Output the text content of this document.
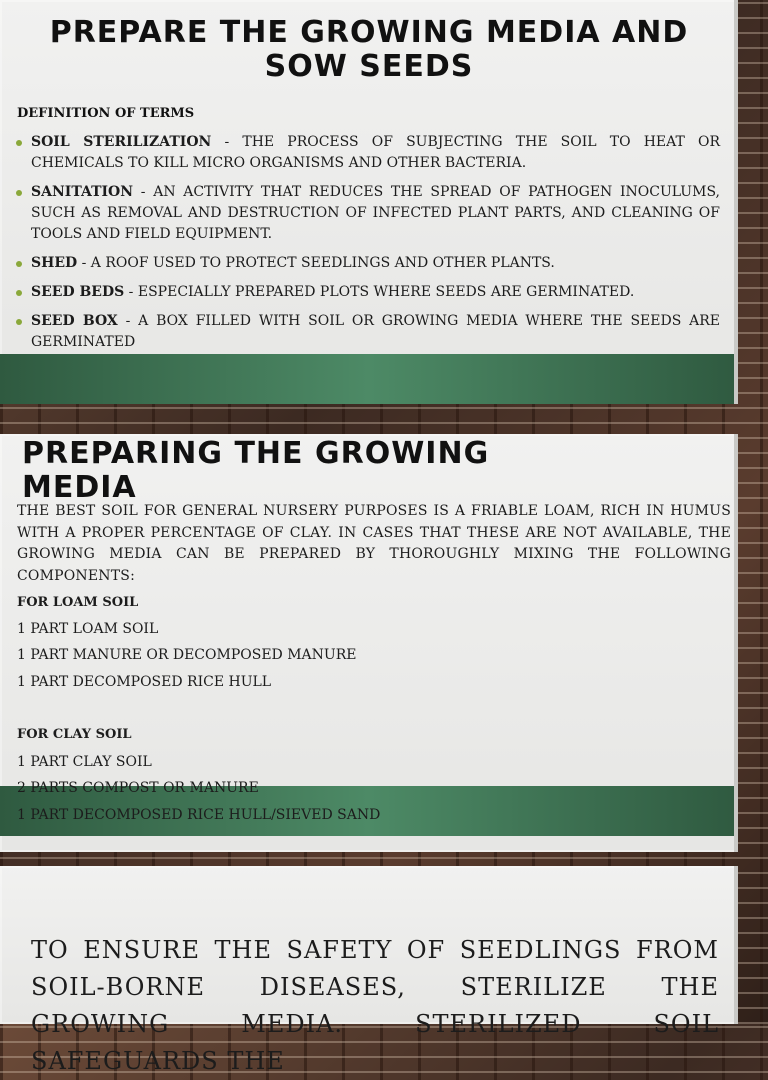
PREPARE THE GROWING MEDIA AND
SOW SEEDS

DEFINITION OF TERMS

SOIL STERILIZATION - THE PROCESS OF SUBJECTING THE SOIL TO HEAT OR CHEMICALS TO KILL MICRO ORGANISMS AND OTHER BACTERIA.
SANITATION - AN ACTIVITY THAT REDUCES THE SPREAD OF PATHOGEN INOCULUMS, SUCH AS REMOVAL AND DESTRUCTION OF INFECTED PLANT PARTS, AND CLEANING OF TOOLS AND FIELD EQUIPMENT.
SHED - A ROOF USED TO PROTECT SEEDLINGS AND OTHER PLANTS.
SEED BEDS - ESPECIALLY PREPARED PLOTS WHERE SEEDS ARE GERMINATED.
SEED BOX - A BOX FILLED WITH SOIL OR GROWING MEDIA WHERE THE SEEDS ARE GERMINATED
PREPARING THE GROWING
MEDIA

THE BEST SOIL FOR GENERAL NURSERY PURPOSES IS A FRIABLE LOAM, RICH IN HUMUS WITH A PROPER PERCENTAGE OF CLAY. IN CASES THAT THESE ARE NOT AVAILABLE, THE GROWING MEDIA CAN BE PREPARED BY THOROUGHLY MIXING THE FOLLOWING COMPONENTS:

FOR LOAM SOIL

1 PART LOAM SOIL

1 PART MANURE OR DECOMPOSED MANURE

1 PART DECOMPOSED RICE HULL

FOR CLAY SOIL

1 PART CLAY SOIL

2 PARTS COMPOST OR MANURE

1 PART DECOMPOSED RICE HULL/SIEVED SAND

TO ENSURE THE SAFETY OF SEEDLINGS FROM SOIL-BORNE DISEASES, STERILIZE THE GROWING MEDIA. STERILIZED SOIL SAFEGUARDS THE
